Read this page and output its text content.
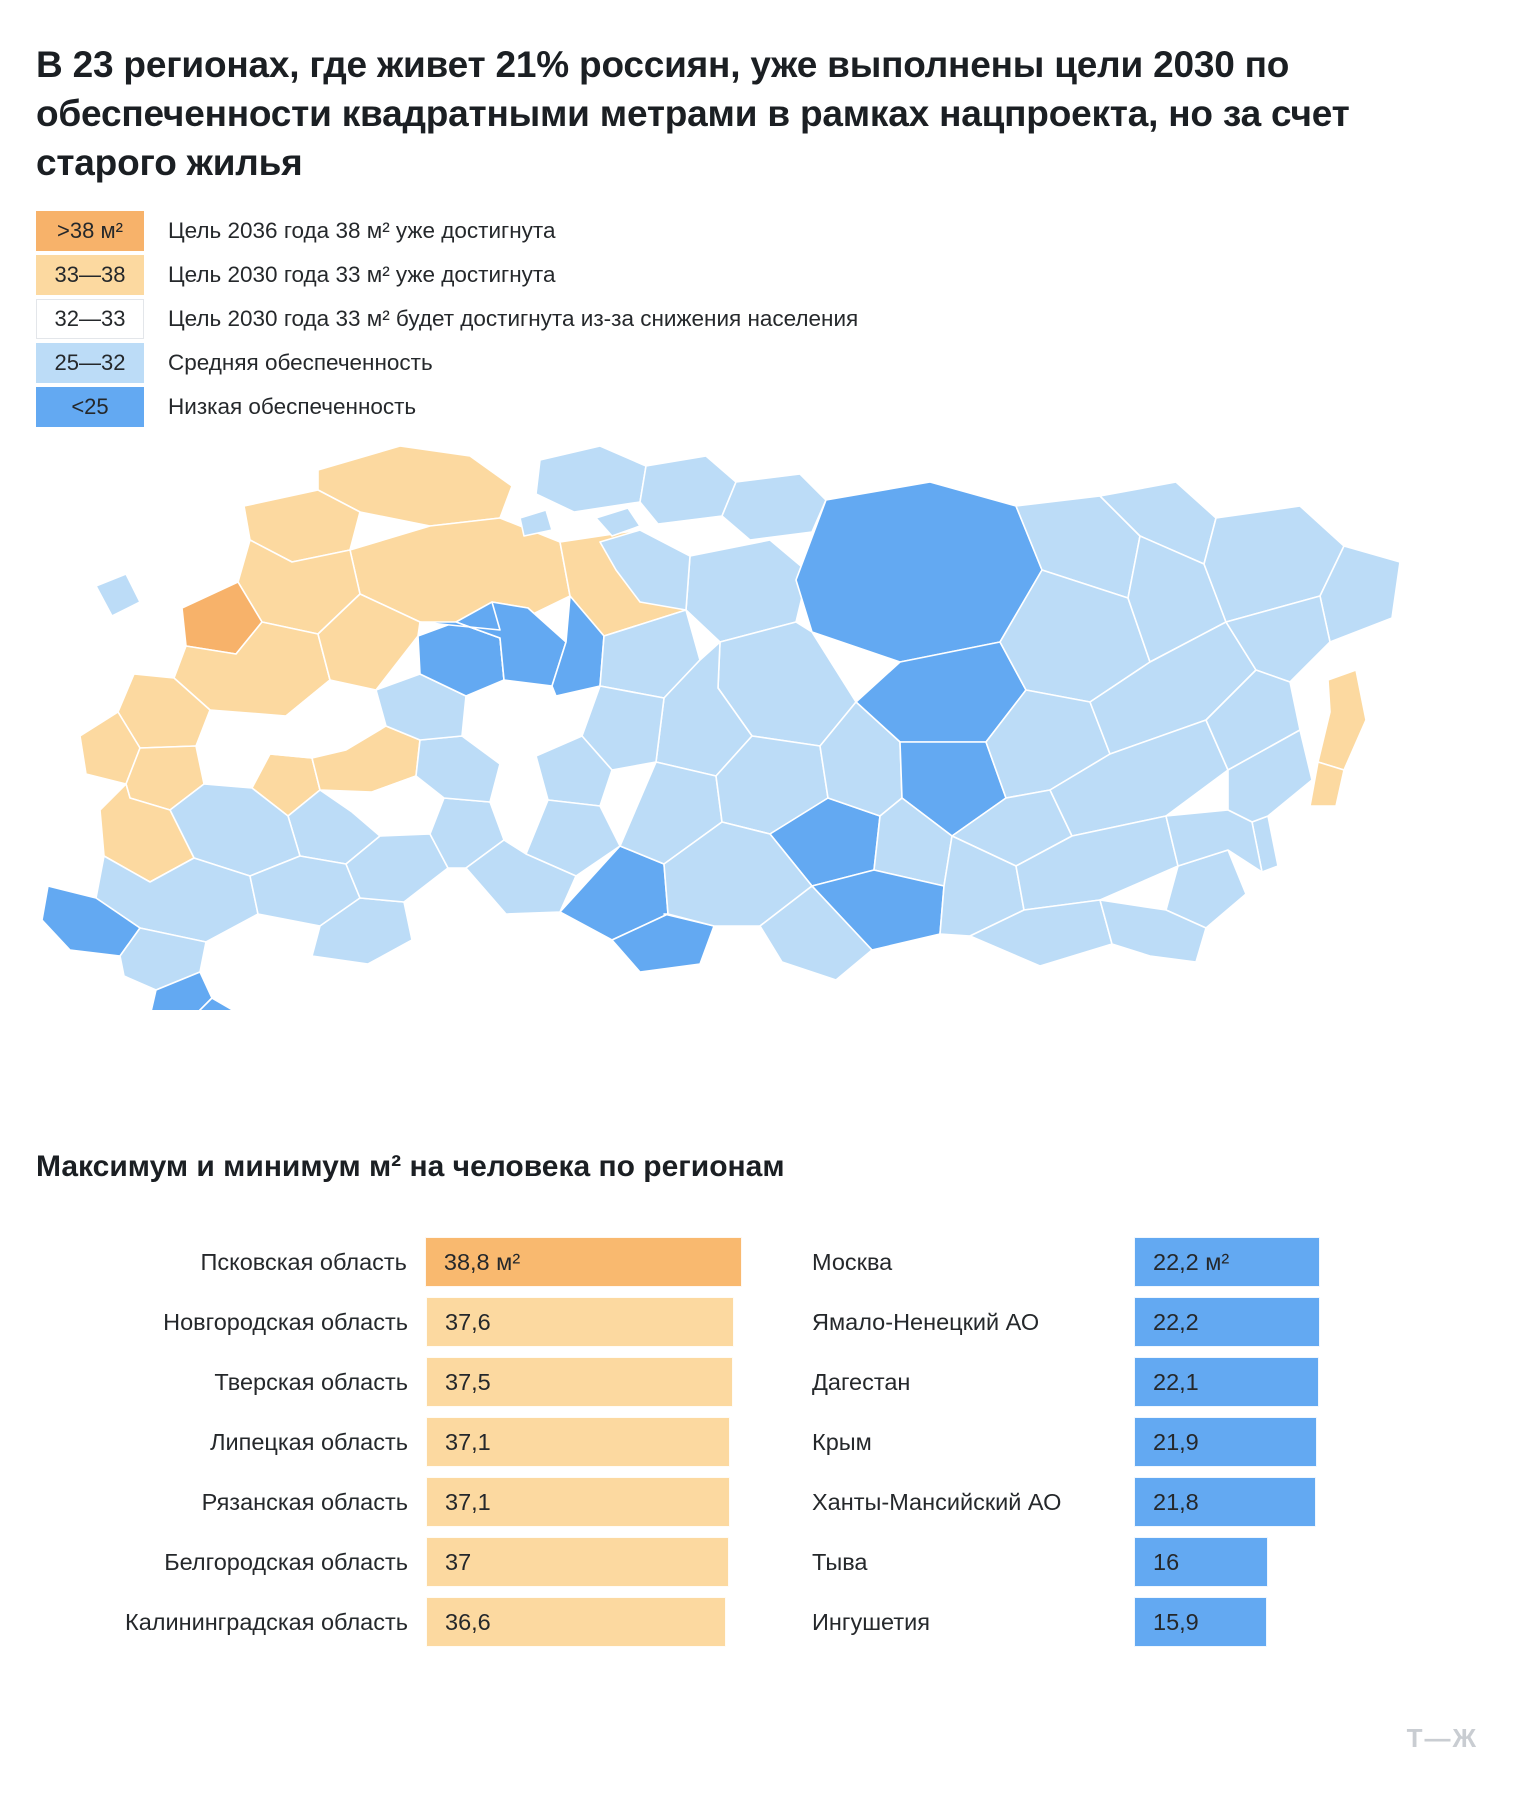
В 23 регионах, где живет 21% россиян, уже выполнены цели 2030 по обеспеченности квадратными метрами в рамках нацпроекта, но за счет старого жилья
>38 м²	Цель 2036 года 38 м² уже достигнута
33—38	Цель 2030 года 33 м² уже достигнута
32—33	Цель 2030 года 33 м² будет достигнута из-за снижения населения
25—32	Средняя обеспеченность
<25	Низкая обеспеченность
Максимум и минимум м² на человека по регионам
Псковская область	38,8 м²
Новгородская область	37,6
Тверская область	37,5
Липецкая область	37,1
Рязанская область	37,1
Белгородская область	37
Калининградская область	36,6
Москва	22,2 м²
Ямало-Ненецкий АО	22,2
Дагестан	22,1
Крым	21,9
Ханты-Мансийский АО	21,8
Тыва	16
Ингушетия	15,9
Т—Ж
